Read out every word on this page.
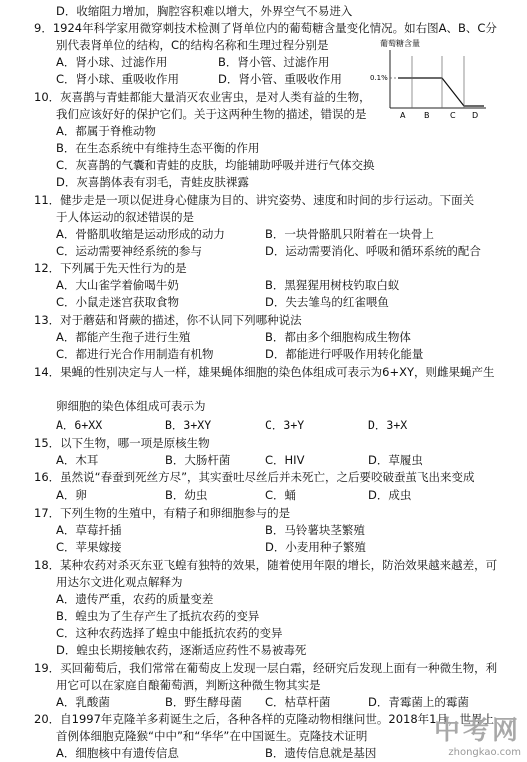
D．收缩阻力增加，胸腔容积难以增大，外界空气不易进入
9．1924年科学家用微穿刺技术检测了肾单位内的葡萄糖含量变化情况。如右图A、B、C分
别代表肾单位的结构，C的结构名称和生理过程分别是
A．肾小球、过滤作用	B．肾小管、过滤作用
C．肾小球、重吸收作用	D．肾小管、重吸收作用
葡萄糖含量
0.1%
A B	C D
10．灰喜鹊与青蛙都能大量消灭农业害虫，是对人类有益的生物，
我们应该好好的保护它们。关于这两种生物的描述，错误的是
A．都属于脊椎动物
B．在生态系统中有维持生态平衡的作用
C．灰喜鹊的气囊和青蛙的皮肤，均能辅助呼吸并进行气体交换
D．灰喜鹊体表有羽毛，青蛙皮肤裸露
11．健步走是一项以促进身心健康为目的、讲究姿势、速度和时间的步行运动。下面关
于人体运动的叙述错误的是
A．骨骼肌收缩是运动形成的动力	B．一块骨骼肌只附着在一块骨上
C．运动需要神经系统的参与	D．运动需要消化、呼吸和循环系统的配合
12．下列属于先天性行为的是
A．大山雀学着偷喝牛奶	B．黑猩猩用树枝钓取白蚁
C．小鼠走迷宫获取食物	D．失去雏鸟的红雀喂鱼
13．对于蘑菇和肾蕨的描述，你不认同下列哪种说法
A．都能产生孢子进行生殖	B．都由多个细胞构成生物体
C．都进行光合作用制造有机物	D．都能进行呼吸作用转化能量
14．果蝇的性别决定与人一样，雄果蝇体细胞的染色体组成可表示为6+XY，则雌果蝇产生
卵细胞的染色体组成可表示为
A．6+XX	B．3+XY	C．3+Y	D．3+X
15．以下生物，哪一项是原核生物
A．木耳	B．大肠杆菌	C．HIV	D．草履虫
16．虽然说“春蚕到死丝方尽”，其实蚕吐尽丝后并未死亡，之后要咬破蚕茧飞出来变成
A．卵	B．幼虫	C．蛹	D．成虫
17．下列生物的生殖中，有精子和卵细胞参与的是
A．草莓扦插	B．马铃薯块茎繁殖
C．苹果嫁接	D．小麦用种子繁殖
18．某种农药对杀灭东亚飞蝗有独特的效果，随着使用年限的增长，防治效果越来越差，可
用达尔文进化观点解释为
A．遗传严重，农药的质量变差
B．蝗虫为了生存产生了抵抗农药的变异
C．这种农药选择了蝗虫中能抵抗农药的变异
D．蝗虫长期接触农药，逐渐适应药性不易被毒死
19．买回葡萄后，我们常常在葡萄皮上发现一层白霜，经研究后发现上面有一种微生物，利
用它可以在家庭自酿葡萄酒，判断这种微生物其实是
A．乳酸菌	B．野生酵母菌 C．枯草杆菌	D．青霉菌上的霉菌
20．自1997年克隆羊多莉诞生之后，各种各样的克隆动物相继问世。2018年1月，世界上
首例体细胞克隆猴“中中”和“华华”在中国诞生。克隆技术证明
A．细胞核中有遗传信息	B．遗传信息就是基因
中考网
zhongkao.com
